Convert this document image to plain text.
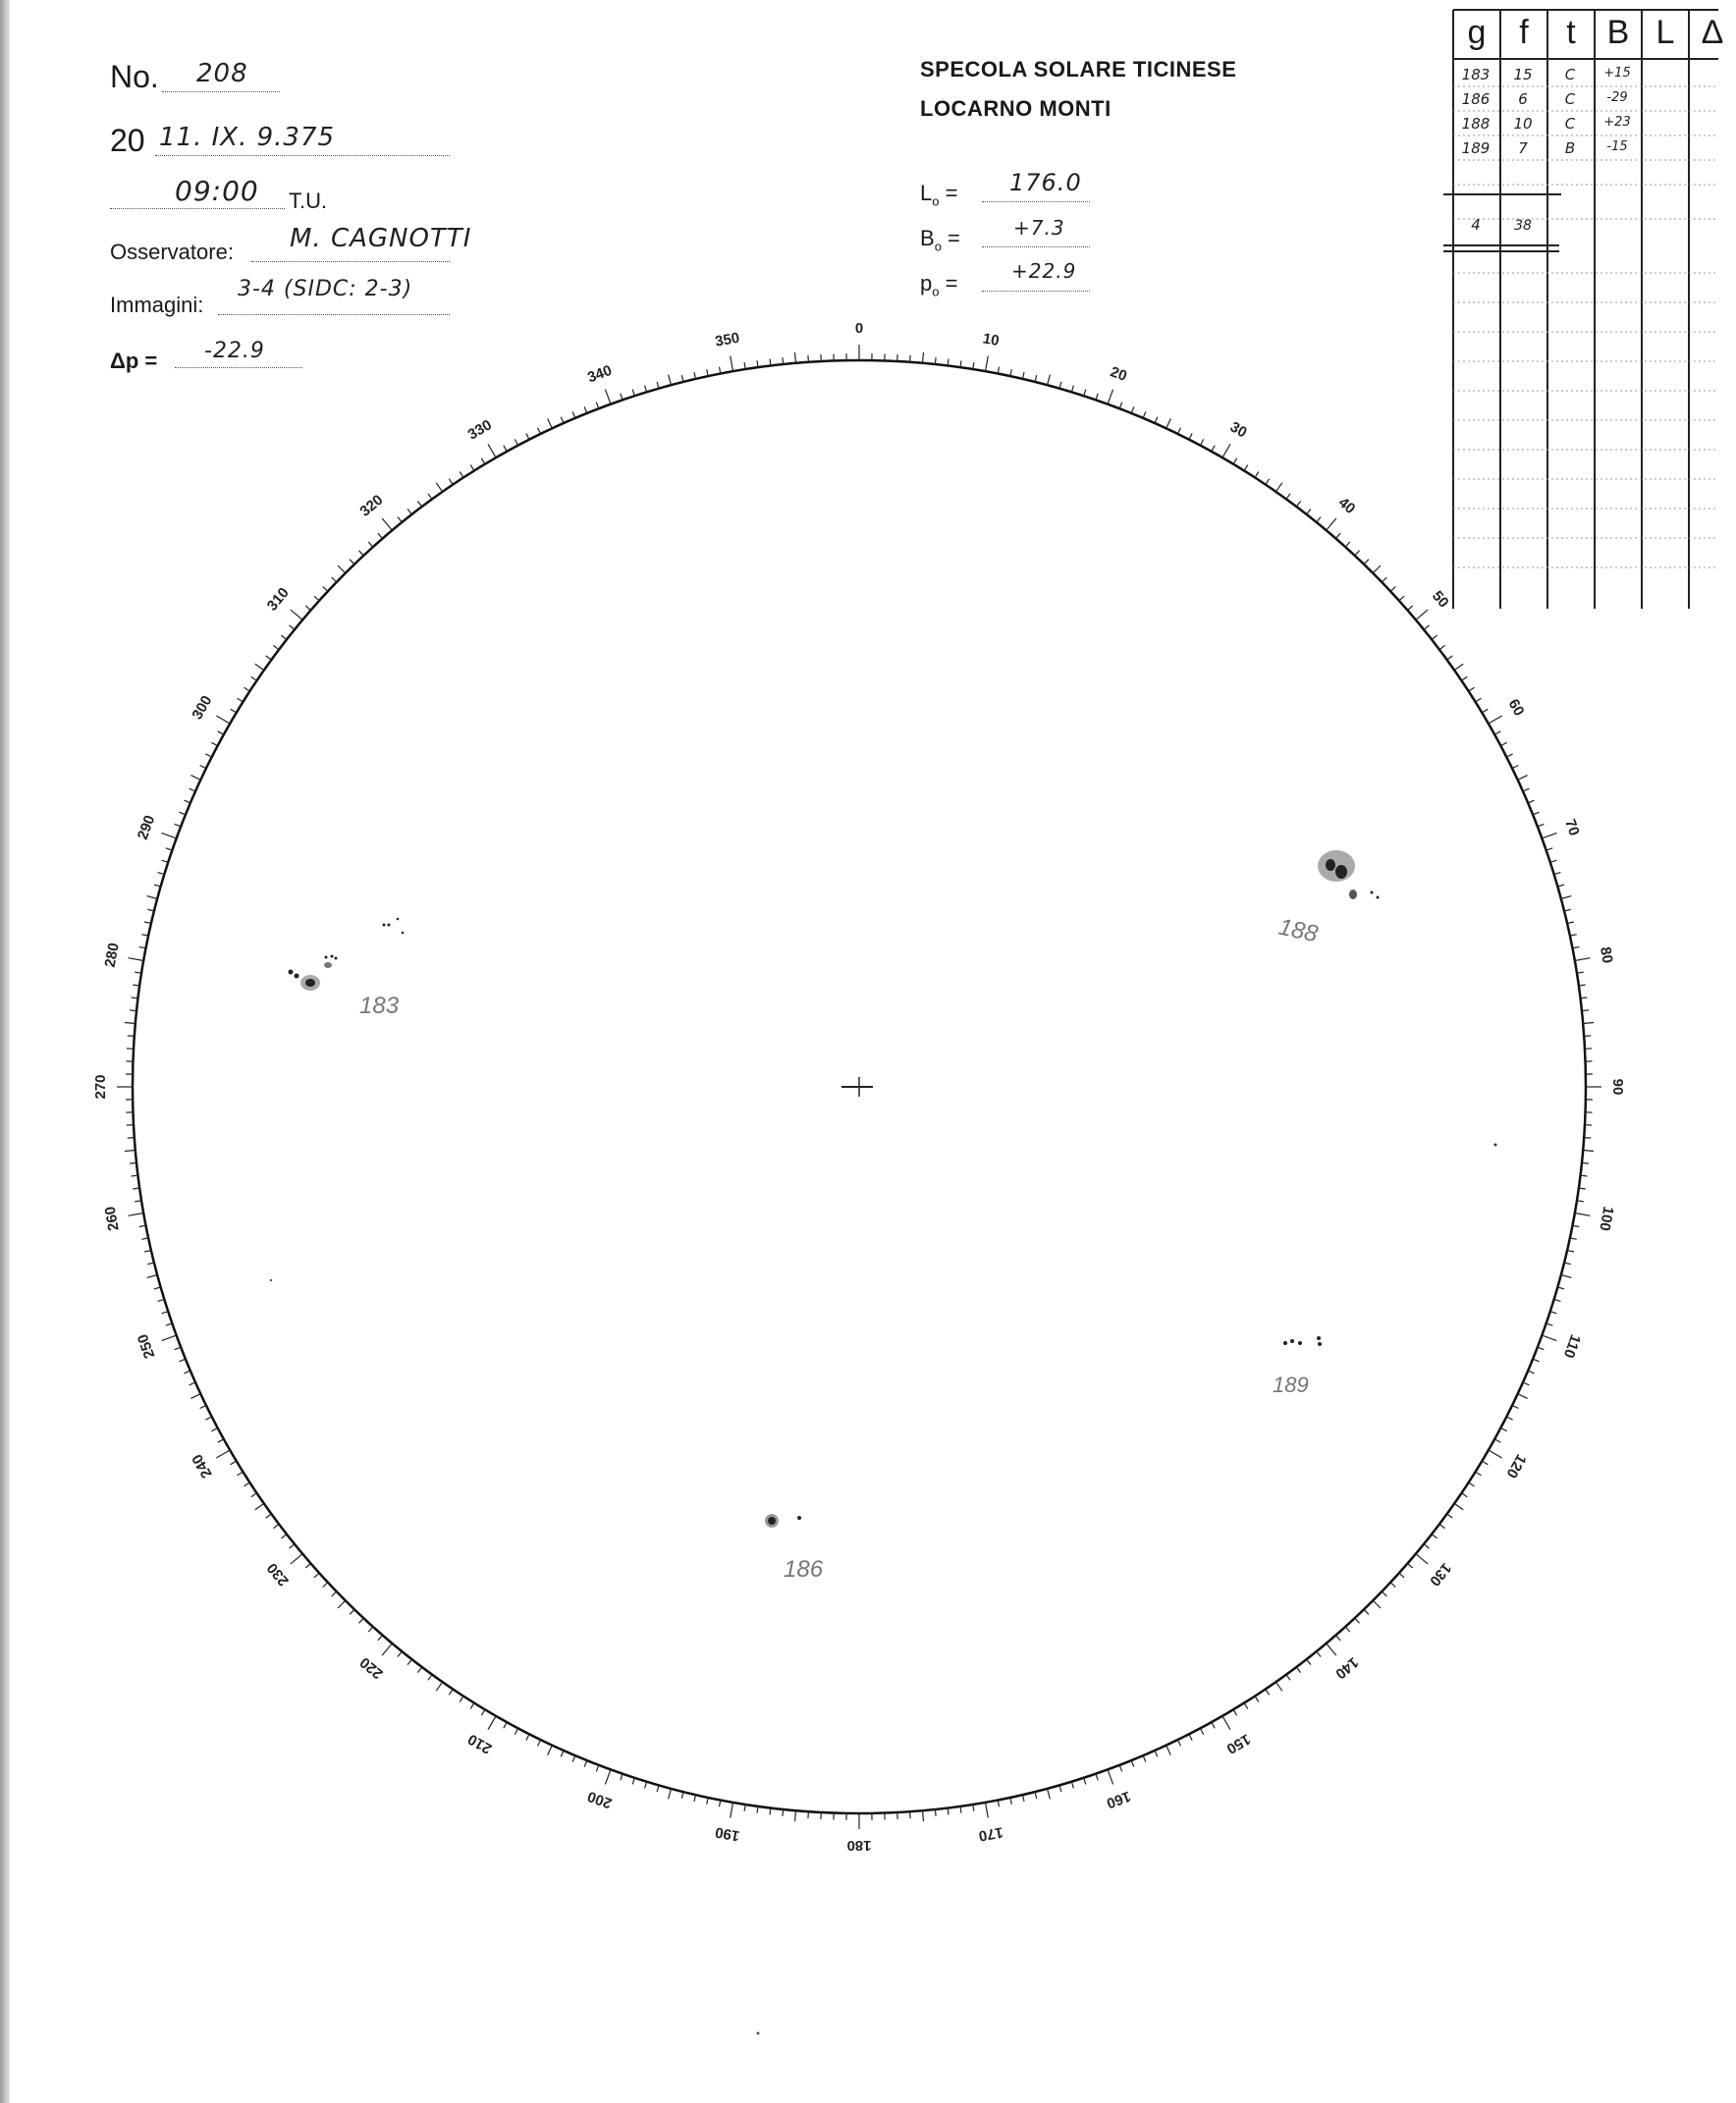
No. 208
20 11. IX. 9.375
09:00 T.U.
Osservatore: M. CAGNOTTI
Immagini:
3-4 (SIDC: 2-3)
Δp = -22.9
SPECOLA SOLARE TICINESE
LOCARNO MONTI
$L_o = 176.0$
$B_o$ =	+7.3
$p_o$ =	+22.9
g f	t B L Δ
183	15	C	+15
186	6	C	-29
188	10	C	+23
189	7	B	-15
4	38
0
10
20
30
40
50
60
70
80
90
100
110
120
130
140
150
160
170
180
190
200
210
220
230
240
250
260
270
280
290
300
310
320
330
340
350
183
188
189
186
